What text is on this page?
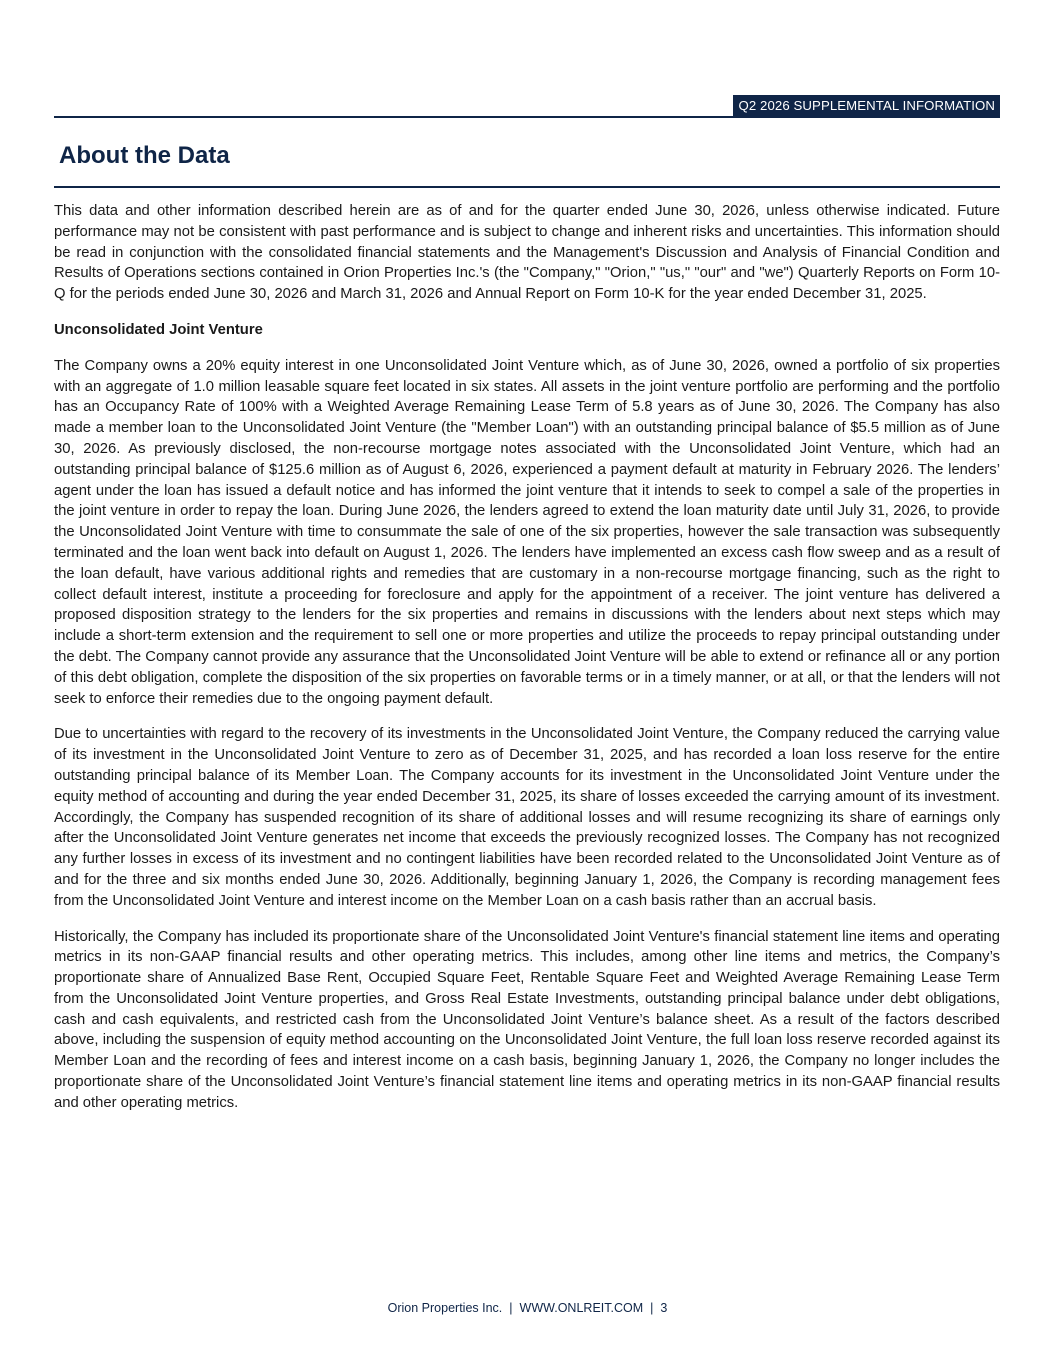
Q2 2026 SUPPLEMENTAL INFORMATION
About the Data

This data and other information described herein are as of and for the quarter ended June 30, 2026, unless otherwise indicated. Future performance may not be consistent with past performance and is subject to change and inherent risks and uncertainties. This information should be read in conjunction with the consolidated financial statements and the Management's Discussion and Analysis of Financial Condition and Results of Operations sections contained in Orion Properties Inc.'s (the "Company," "Orion," "us," "our" and "we") Quarterly Reports on Form 10-Q for the periods ended June 30, 2026 and March 31, 2026 and Annual Report on Form 10-K for the year ended December 31, 2025.

Unconsolidated Joint Venture

The Company owns a 20% equity interest in one Unconsolidated Joint Venture which, as of June 30, 2026, owned a portfolio of six properties with an aggregate of 1.0 million leasable square feet located in six states. All assets in the joint venture portfolio are performing and the portfolio has an Occupancy Rate of 100% with a Weighted Average Remaining Lease Term of 5.8 years as of June 30, 2026. The Company has also made a member loan to the Unconsolidated Joint Venture (the "Member Loan") with an outstanding principal balance of $5.5 million as of June 30, 2026. As previously disclosed, the non-recourse mortgage notes associated with the Unconsolidated Joint Venture, which had an outstanding principal balance of $125.6 million as of August 6, 2026, experienced a payment default at maturity in February 2026. The lenders’ agent under the loan has issued a default notice and has informed the joint venture that it intends to seek to compel a sale of the properties in the joint venture in order to repay the loan. During June 2026, the lenders agreed to extend the loan maturity date until July 31, 2026, to provide the Unconsolidated Joint Venture with time to consummate the sale of one of the six properties, however the sale transaction was subsequently terminated and the loan went back into default on August 1, 2026. The lenders have implemented an excess cash flow sweep and as a result of the loan default, have various additional rights and remedies that are customary in a non-recourse mortgage financing, such as the right to collect default interest, institute a proceeding for foreclosure and apply for the appointment of a receiver. The joint venture has delivered a proposed disposition strategy to the lenders for the six properties and remains in discussions with the lenders about next steps which may include a short-term extension and the requirement to sell one or more properties and utilize the proceeds to repay principal outstanding under the debt. The Company cannot provide any assurance that the Unconsolidated Joint Venture will be able to extend or refinance all or any portion of this debt obligation, complete the disposition of the six properties on favorable terms or in a timely manner, or at all, or that the lenders will not seek to enforce their remedies due to the ongoing payment default.

Due to uncertainties with regard to the recovery of its investments in the Unconsolidated Joint Venture, the Company reduced the carrying value of its investment in the Unconsolidated Joint Venture to zero as of December 31, 2025, and has recorded a loan loss reserve for the entire outstanding principal balance of its Member Loan. The Company accounts for its investment in the Unconsolidated Joint Venture under the equity method of accounting and during the year ended December 31, 2025, its share of losses exceeded the carrying amount of its investment. Accordingly, the Company has suspended recognition of its share of additional losses and will resume recognizing its share of earnings only after the Unconsolidated Joint Venture generates net income that exceeds the previously recognized losses. The Company has not recognized any further losses in excess of its investment and no contingent liabilities have been recorded related to the Unconsolidated Joint Venture as of and for the three and six months ended June 30, 2026. Additionally, beginning January 1, 2026, the Company is recording management fees from the Unconsolidated Joint Venture and interest income on the Member Loan on a cash basis rather than an accrual basis.

Historically, the Company has included its proportionate share of the Unconsolidated Joint Venture's financial statement line items and operating metrics in its non-GAAP financial results and other operating metrics. This includes, among other line items and metrics, the Company’s proportionate share of Annualized Base Rent, Occupied Square Feet, Rentable Square Feet and Weighted Average Remaining Lease Term from the Unconsolidated Joint Venture properties, and Gross Real Estate Investments, outstanding principal balance under debt obligations, cash and cash equivalents, and restricted cash from the Unconsolidated Joint Venture’s balance sheet. As a result of the factors described above, including the suspension of equity method accounting on the Unconsolidated Joint Venture, the full loan loss reserve recorded against its Member Loan and the recording of fees and interest income on a cash basis, beginning January 1, 2026, the Company no longer includes the proportionate share of the Unconsolidated Joint Venture’s financial statement line items and operating metrics in its non-GAAP financial results and other operating metrics.

Orion Properties Inc. | WWW.ONLREIT.COM | 3
